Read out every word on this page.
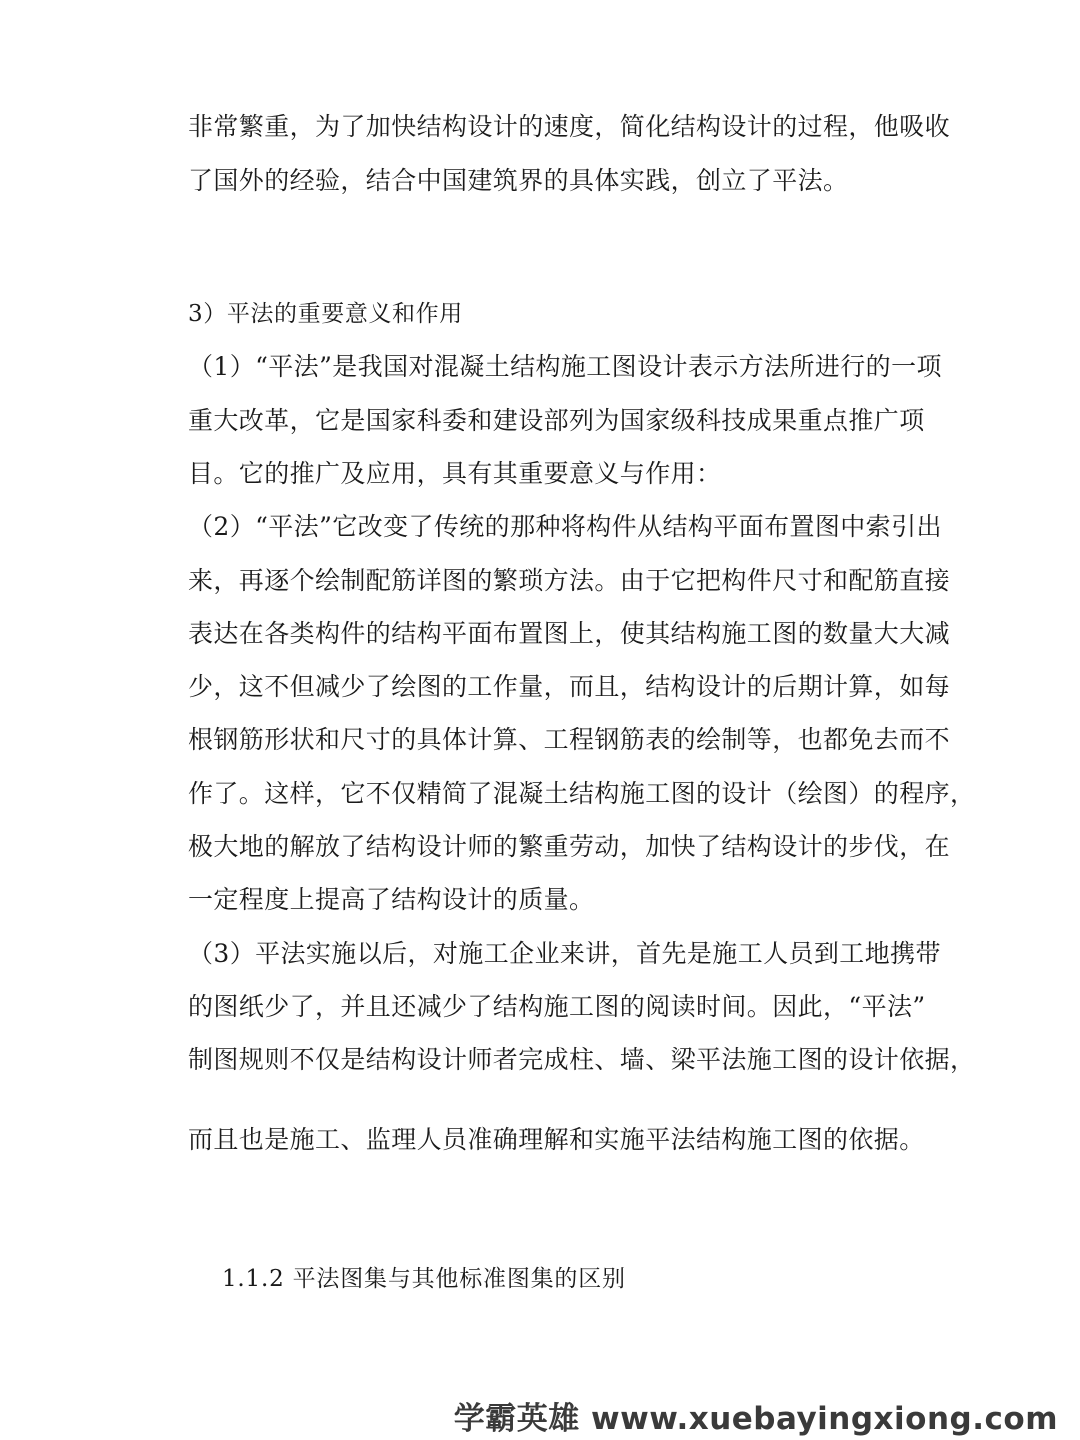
非常繁重，为了加快结构设计的速度，简化结构设计的过程，他吸收
了国外的经验，结合中国建筑界的具体实践，创立了平法。
3）平法的重要意义和作用
（1）“平法”是我国对混凝土结构施工图设计表示方法所进行的一项
重大改革，它是国家科委和建设部列为国家级科技成果重点推广项
目。它的推广及应用，具有其重要意义与作用：
（2）“平法”它改变了传统的那种将构件从结构平面布置图中索引出
来，再逐个绘制配筋详图的繁琐方法。由于它把构件尺寸和配筋直接
表达在各类构件的结构平面布置图上，使其结构施工图的数量大大减
少，这不但减少了绘图的工作量，而且，结构设计的后期计算，如每
根钢筋形状和尺寸的具体计算、工程钢筋表的绘制等，也都免去而不
作了。这样，它不仅精简了混凝土结构施工图的设计（绘图）的程序，
极大地的解放了结构设计师的繁重劳动，加快了结构设计的步伐，在
一定程度上提高了结构设计的质量。
（3）平法实施以后，对施工企业来讲，首先是施工人员到工地携带
的图纸少了，并且还减少了结构施工图的阅读时间。因此，“平法”
制图规则不仅是结构设计师者完成柱、墙、梁平法施工图的设计依据，
而且也是施工、监理人员准确理解和实施平法结构施工图的依据。
1.1.2 平法图集与其他标准图集的区别
学霸英雄 www.xuebayingxiong.com
